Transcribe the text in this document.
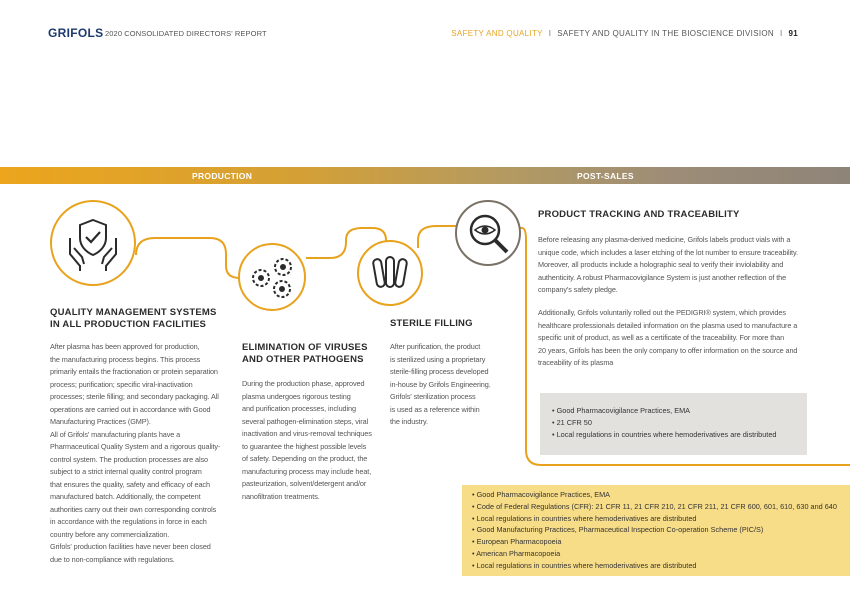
GRIFOLS 2020 CONSOLIDATED DIRECTORS' REPORT	SAFETY AND QUALITY I SAFETY AND QUALITY IN THE BIOSCIENCE DIVISION I 91
PRODUCTION	POST-SALES
QUALITY MANAGEMENT SYSTEMS
IN ALL PRODUCTION FACILITIES
After plasma has been approved for production,
the manufacturing process begins. This process
primarily entails the fractionation or protein separation
process; purification; specific viral-inactivation
processes; sterile filling; and secondary packaging. All
operations are carried out in accordance with Good
Manufacturing Practices (GMP).
All of Grifols' manufacturing plants have a
Pharmaceutical Quality System and a rigorous quality-
control system. The production processes are also
subject to a strict internal quality control program
that ensures the quality, safety and efficacy of each
manufactured batch. Additionally, the competent
authorities carry out their own corresponding controls
in accordance with the regulations in force in each
country before any commercialization.
Grifols' production facilities have never been closed
due to non-compliance with regulations.
ELIMINATION OF VIRUSES
AND OTHER PATHOGENS
During the production phase, approved
plasma undergoes rigorous testing
and purification processes, including
several pathogen-elimination steps, viral
inactivation and virus-removal techniques
to guarantee the highest possible levels
of safety. Depending on the product, the
manufacturing process may include heat,
pasteurization, solvent/detergent and/or
nanofiltration treatments.
STERILE FILLING
After purification, the product
is sterilized using a proprietary
sterile-filling process developed
in-house by Grifols Engineering.
Grifols' sterilization process
is used as a reference within
the industry.
PRODUCT TRACKING AND TRACEABILITY
Before releasing any plasma-derived medicine, Grifols labels product vials with a
unique code, which includes a laser etching of the lot number to ensure traceability.
Moreover, all products include a holographic seal to verify their inviolability and
authenticity. A robust Pharmacovigilance System is just another reflection of the
company's safety pledge.
Additionally, Grifols voluntarily rolled out the PEDIGRI® system, which provides
healthcare professionals detailed information on the plasma used to manufacture a
specific unit of product, as well as a certificate of the traceability. For more than
20 years, Grifols has been the only company to offer information on the source and
traceability of its plasma
• Good Pharmacovigilance Practices, EMA
• 21 CFR 50
• Local regulations in countries where hemoderivatives are distributed
• Good Pharmacovigilance Practices, EMA
• Code of Federal Regulations (CFR): 21 CFR 11, 21 CFR 210, 21 CFR 211, 21 CFR 600, 601, 610, 630 and 640
• Local regulations in countries where hemoderivatives are distributed
• Good Manufacturing Practices, Pharmaceutical Inspection Co-operation Scheme (PIC/S)
• European Pharmacopoeia
• American Pharmacopoeia
• Local regulations in countries where hemoderivatives are distributed
